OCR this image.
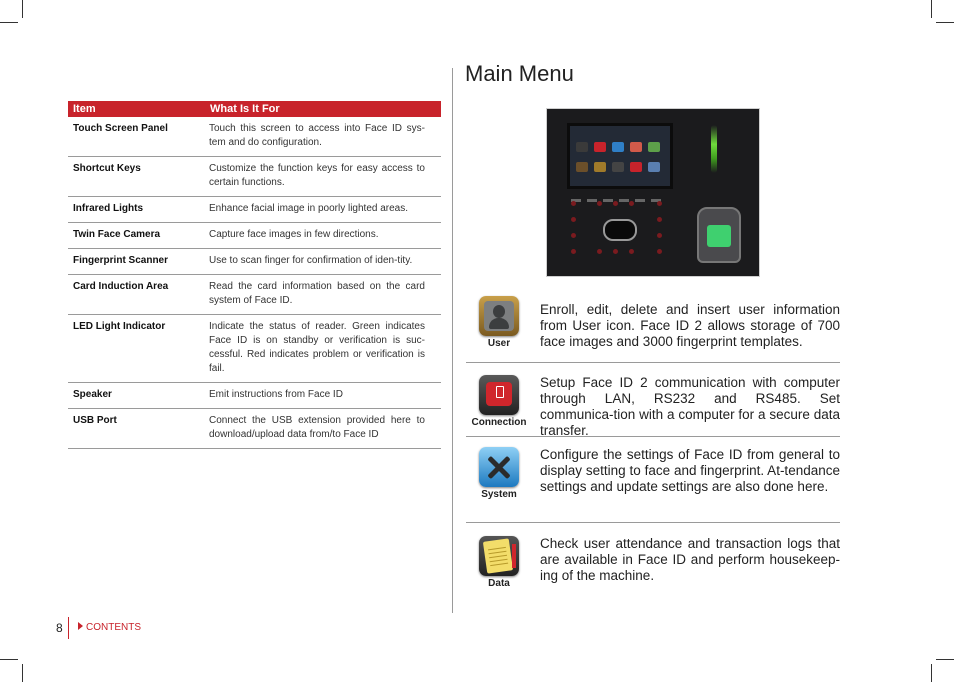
Item	What Is It For
Touch Screen Panel	Touch this screen to access into Face ID sys-tem and do configuration.
Shortcut Keys	Customize the function keys for easy access to certain functions.
Infrared Lights	Enhance facial image in poorly lighted areas.
Twin Face Camera	Capture face images in few directions.
Fingerprint Scanner	Use to scan finger for confirmation of iden-tity.
Card Induction Area	Read the card information based on the card system of Face ID.
LED Light Indicator	Indicate the status of reader. Green indicates Face ID is on standby or verification is suc-cessful. Red indicates problem or verification is fail.
Speaker	Emit instructions from Face ID
USB Port	Connect the USB extension provided here to download/upload data from/to Face ID
Main Menu
User

Enroll, edit, delete and insert user information from User icon. Face ID 2 allows storage of 700 face images and 3000 fingerprint templates.

Connection

Setup Face ID 2 communication with computer through LAN, RS232 and RS485. Set communica-tion with a computer for a secure data transfer.

System

Configure the settings of Face ID from general to display setting to face and fingerprint. At-tendance settings and update settings are also done here.

Data

Check user attendance and transaction logs that are available in Face ID and perform housekeep-ing of the machine.

8	CONTENTS
